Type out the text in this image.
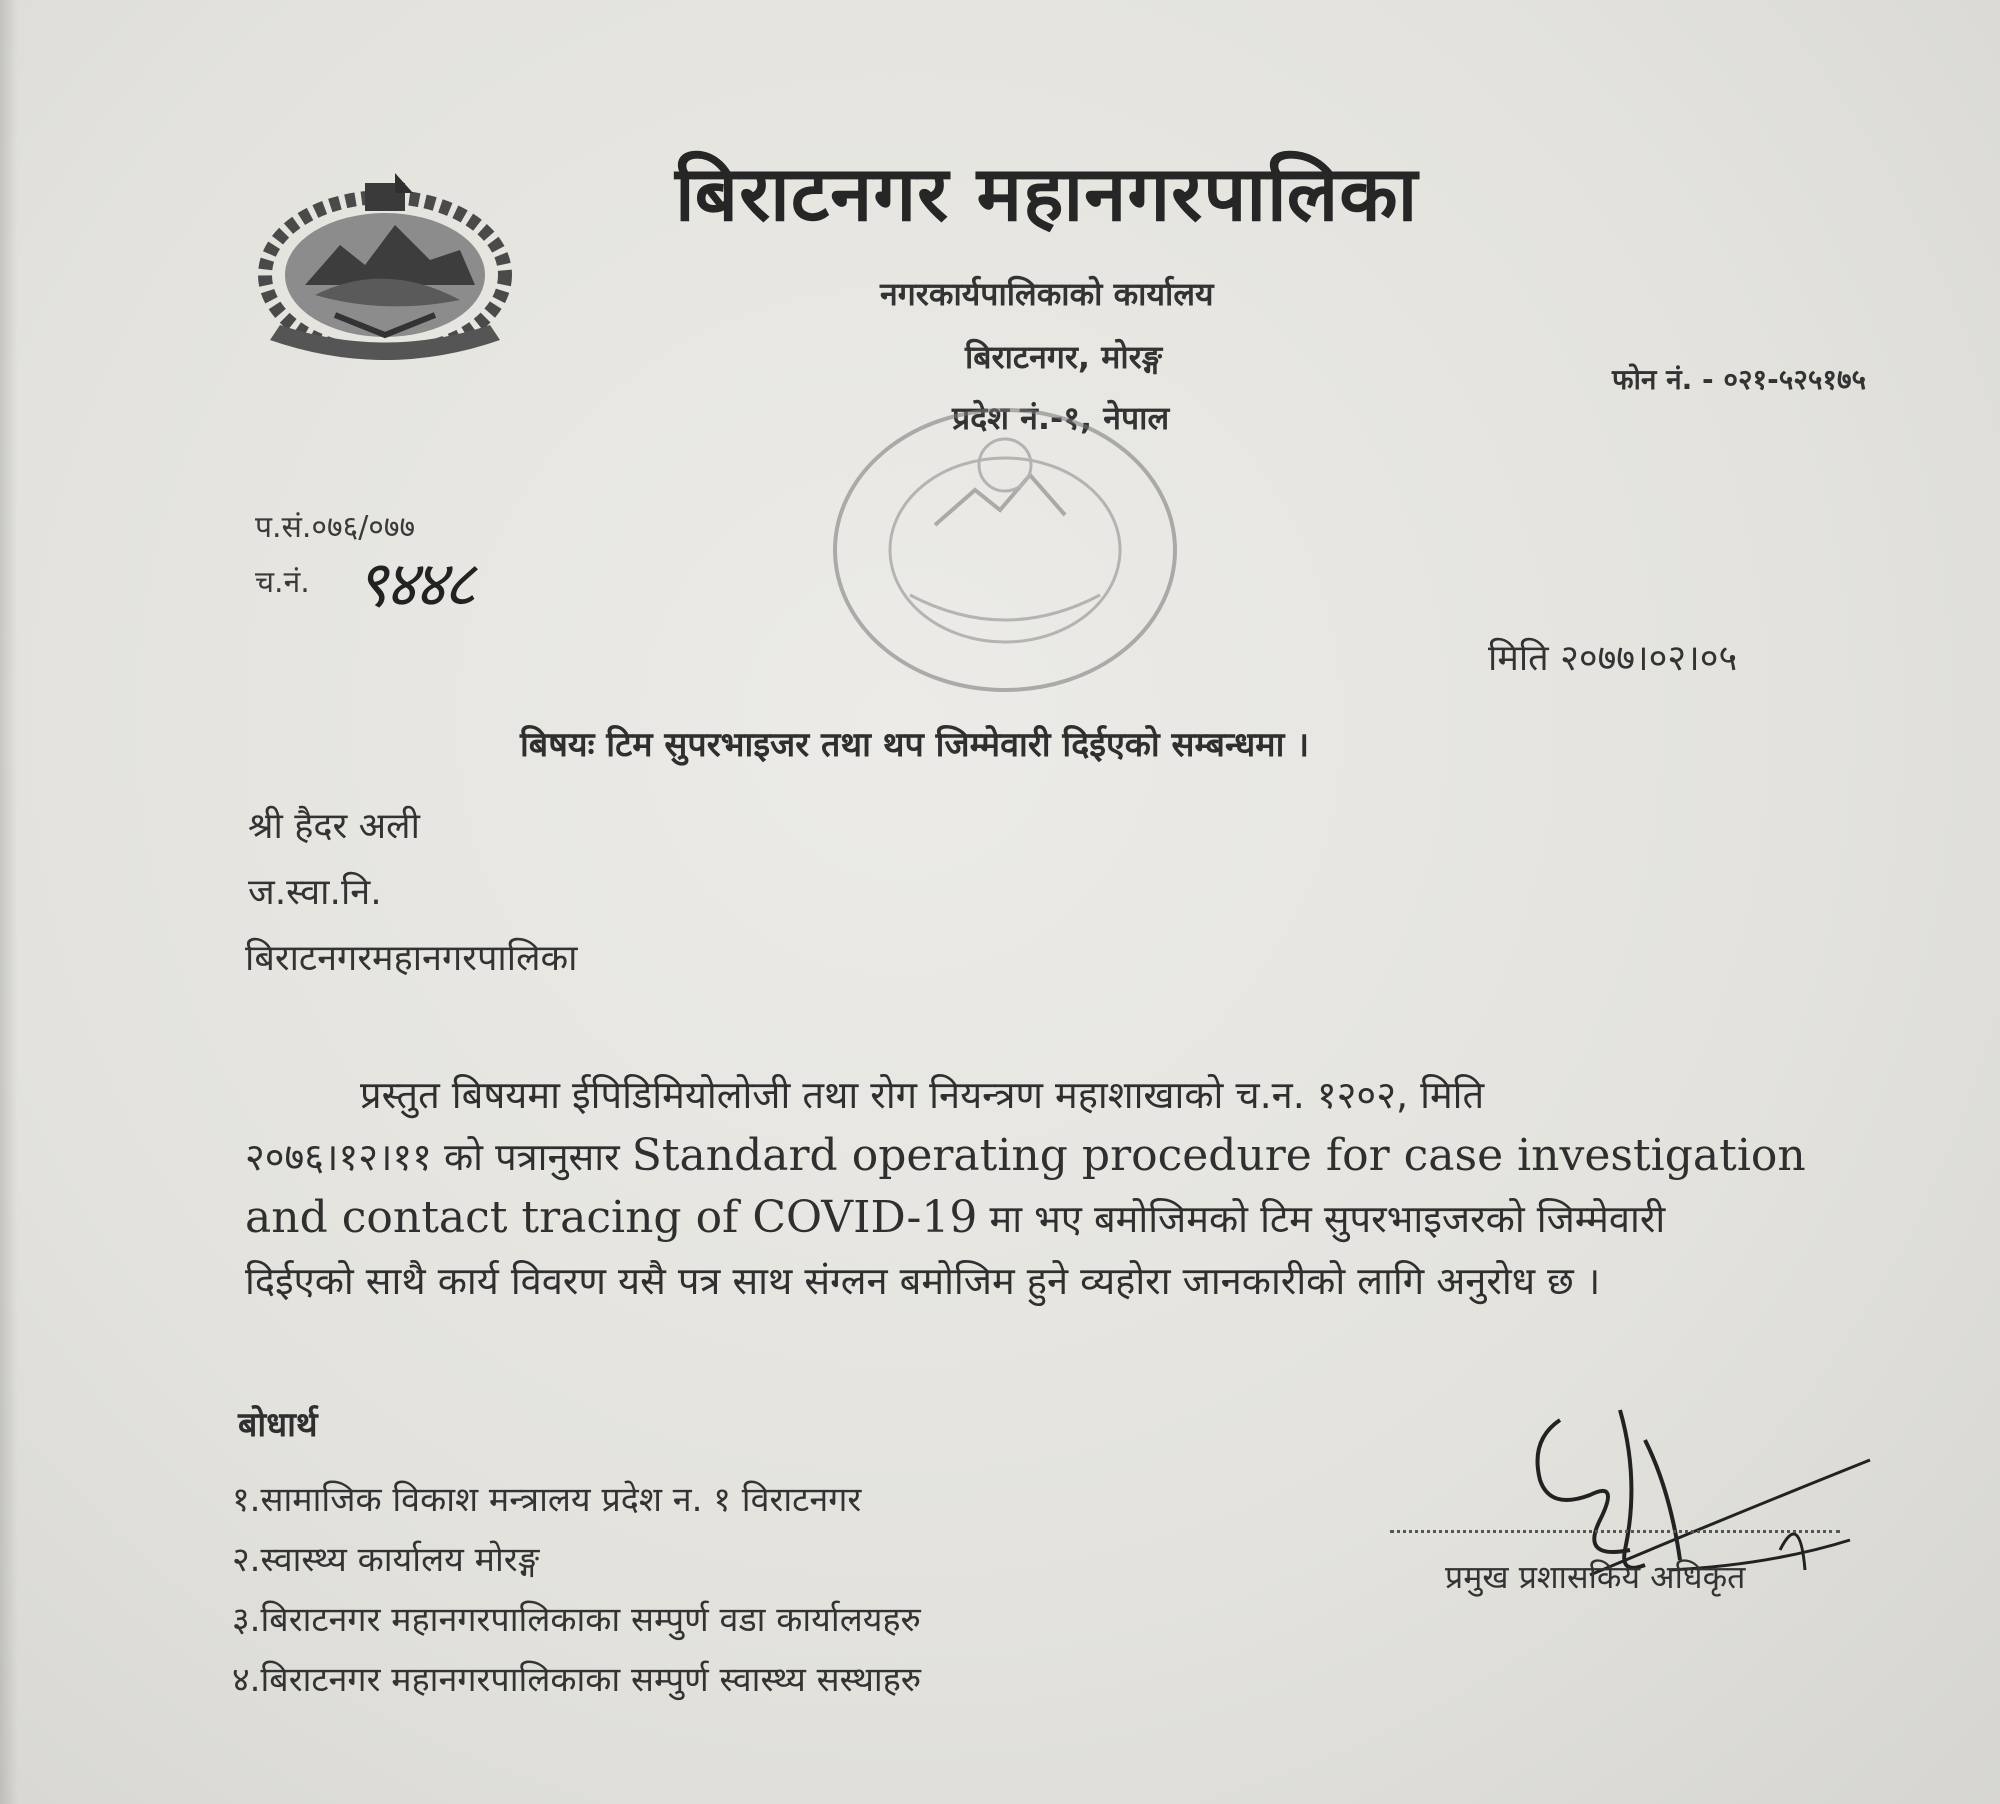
बिराटनगर महानगरपालिका
नगरकार्यपालिकाको कार्यालय
बिराटनगर, मोरङ्ग
प्रदेश नं.-१, नेपाल
फोन नं. - ०२१-५२५१७५
प.सं.०७६/०७७
च.नं. ९४४८
मिति २०७७।०२।०५
बिषयः टिम सुपरभाइजर तथा थप जिम्मेवारी दिईएको सम्बन्धमा ।
श्री हैदर अली
ज.स्वा.नि.
बिराटनगरमहानगरपालिका
प्रस्तुत बिषयमा ईपिडिमियोलोजी तथा रोग नियन्त्रण महाशाखाको च.न. १२०२, मिति
२०७६।१२।११ को पत्रानुसार Standard operating procedure for case investigation
and contact tracing of COVID-19 मा भए बमोजिमको टिम सुपरभाइजरको जिम्मेवारी
दिईएको साथै कार्य विवरण यसै पत्र साथ संग्लन बमोजिम हुने व्यहोरा जानकारीको लागि अनुरोध छ ।
बोधार्थ
१.सामाजिक विकाश मन्त्रालय प्रदेश न. १ विराटनगर
२.स्वास्थ्य कार्यालय मोरङ्ग
३.बिराटनगर महानगरपालिकाका सम्पुर्ण वडा कार्यालयहरु
४.बिराटनगर महानगरपालिकाका सम्पुर्ण स्वास्थ्य सस्थाहरु
प्रमुख प्रशासकिय अधिकृत
